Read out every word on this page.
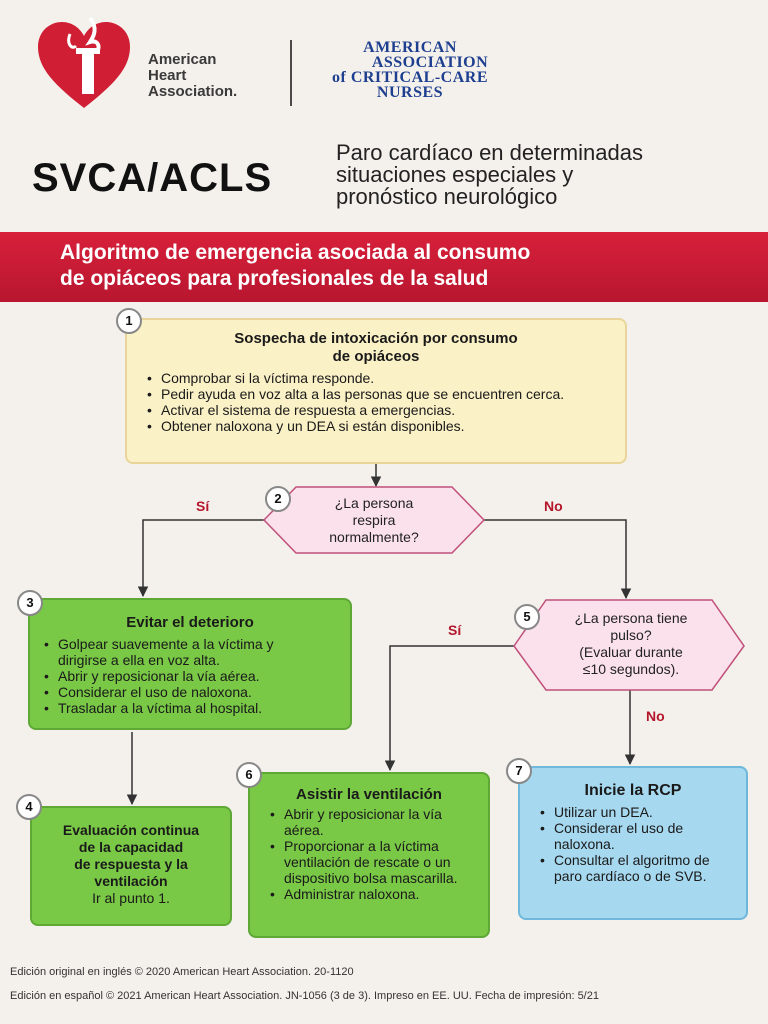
American
Heart
Association.
AMERICAN
ASSOCIATION
of CRITICAL-CARE
NURSES
SVCA/ACLS
Paro cardíaco en determinadas
situaciones especiales y
pronóstico neurológico
Algoritmo de emergencia asociada al consumo
de opiáceos para profesionales de la salud
Sospecha de intoxicación por consumo
de opiáceos
• Comprobar si la víctima responde.
• Pedir ayuda en voz alta a las personas que se encuentren cerca.
• Activar el sistema de respuesta a emergencias.
• Obtener naloxona y un DEA si están disponibles.
1
¿La persona
respira
normalmente?
2
Sí	No
Evitar el deterioro
• Golpear suavemente a la víctima y dirigirse a ella en voz alta.
• Abrir y reposicionar la vía aérea.
• Considerar el uso de naloxona.
• Trasladar a la víctima al hospital.
3
Evaluación continua
de la capacidad
de respuesta y la
ventilación
Ir al punto 1.
4
¿La persona tiene
pulso?
(Evaluar durante
≤10 segundos).
5
Sí
No
Asistir la ventilación
• Abrir y reposicionar la vía aérea.
• Proporcionar a la víctima ventilación de rescate o un dispositivo bolsa mascarilla.
• Administrar naloxona.
6
Inicie la RCP
• Utilizar un DEA.
• Considerar el uso de naloxona.
• Consultar el algoritmo de paro cardíaco o de SVB.
7
Edición original en inglés © 2020 American Heart Association. 20-1120
Edición en español © 2021 American Heart Association. JN-1056 (3 de 3). Impreso en EE. UU. Fecha de impresión: 5/21
